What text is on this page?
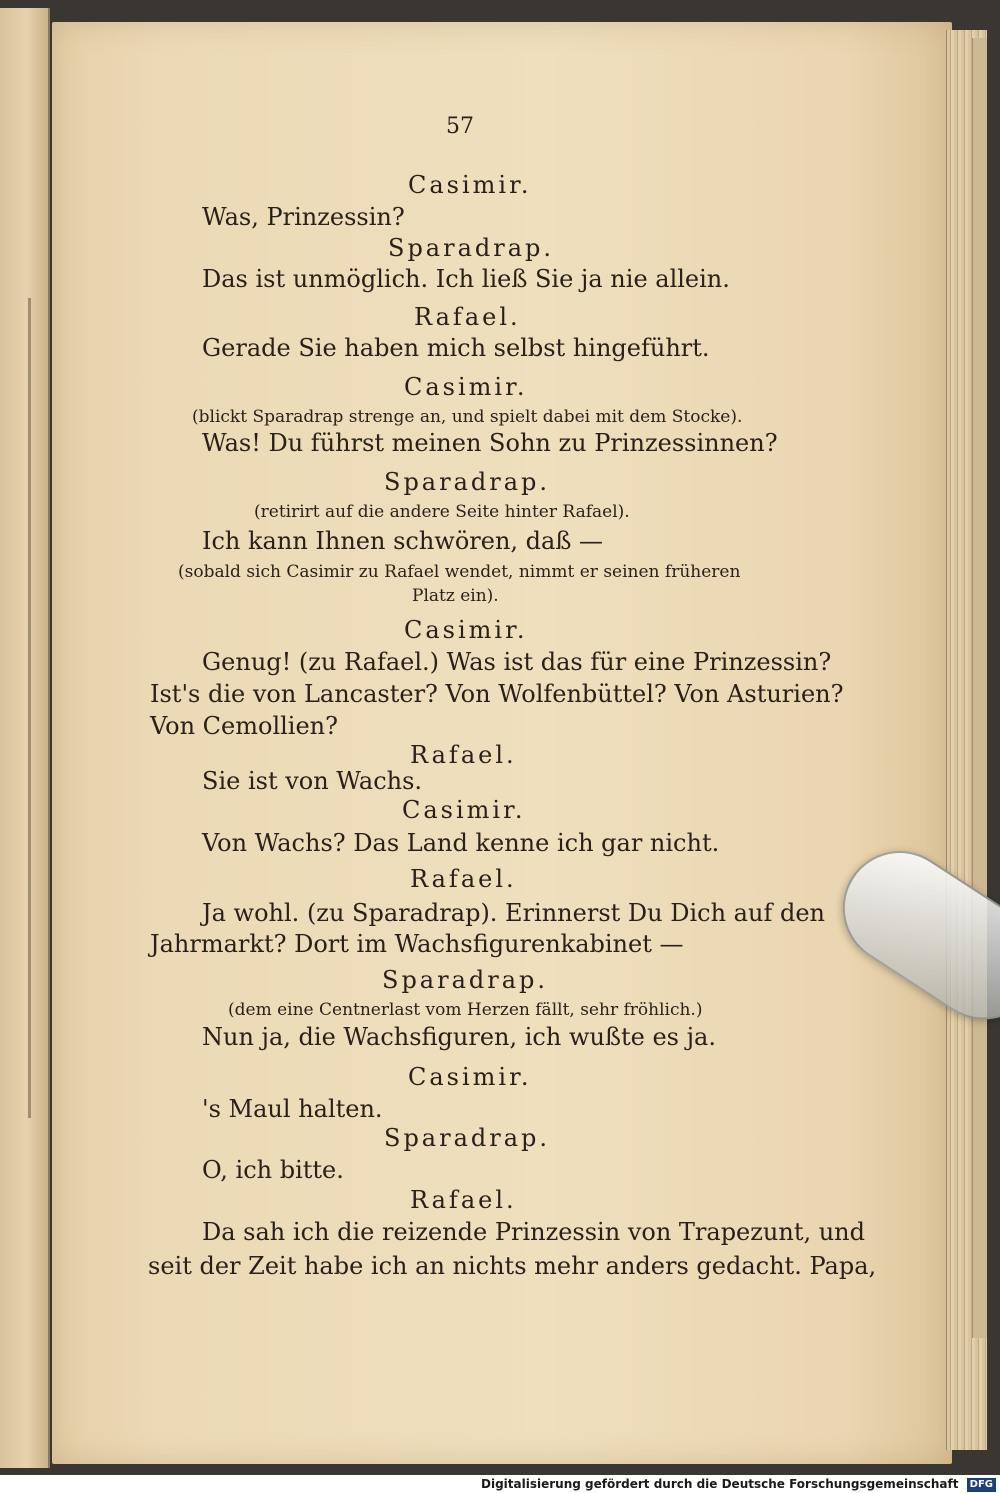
57
Casimir.
Was, Prinzessin?
Sparadrap.
Das ist unmöglich. Ich ließ Sie ja nie allein.
Rafael.
Gerade Sie haben mich selbst hingeführt.
Casimir.
(blickt Sparadrap strenge an, und spielt dabei mit dem Stocke).
Was! Du führst meinen Sohn zu Prinzessinnen?
Sparadrap.
(retirirt auf die andere Seite hinter Rafael).
Ich kann Ihnen schwören, daß —
(sobald sich Casimir zu Rafael wendet, nimmt er seinen früheren
Platz ein).
Casimir.
Genug! (zu Rafael.) Was ist das für eine Prinzessin?
Ist's die von Lancaster? Von Wolfenbüttel? Von Asturien?
Von Cemollien?
Rafael.
Sie ist von Wachs.
Casimir.
Von Wachs? Das Land kenne ich gar nicht.
Rafael.
Ja wohl. (zu Sparadrap). Erinnerst Du Dich auf den
Jahrmarkt? Dort im Wachsfigurenkabinet —
Sparadrap.
(dem eine Centnerlast vom Herzen fällt, sehr fröhlich.)
Nun ja, die Wachsfiguren, ich wußte es ja.
Casimir.
's Maul halten.
Sparadrap.
O, ich bitte.
Rafael.
Da sah ich die reizende Prinzessin von Trapezunt, und
seit der Zeit habe ich an nichts mehr anders gedacht. Papa,
Digitalisierung gefördert durch die Deutsche Forschungsgemeinschaft DFG
